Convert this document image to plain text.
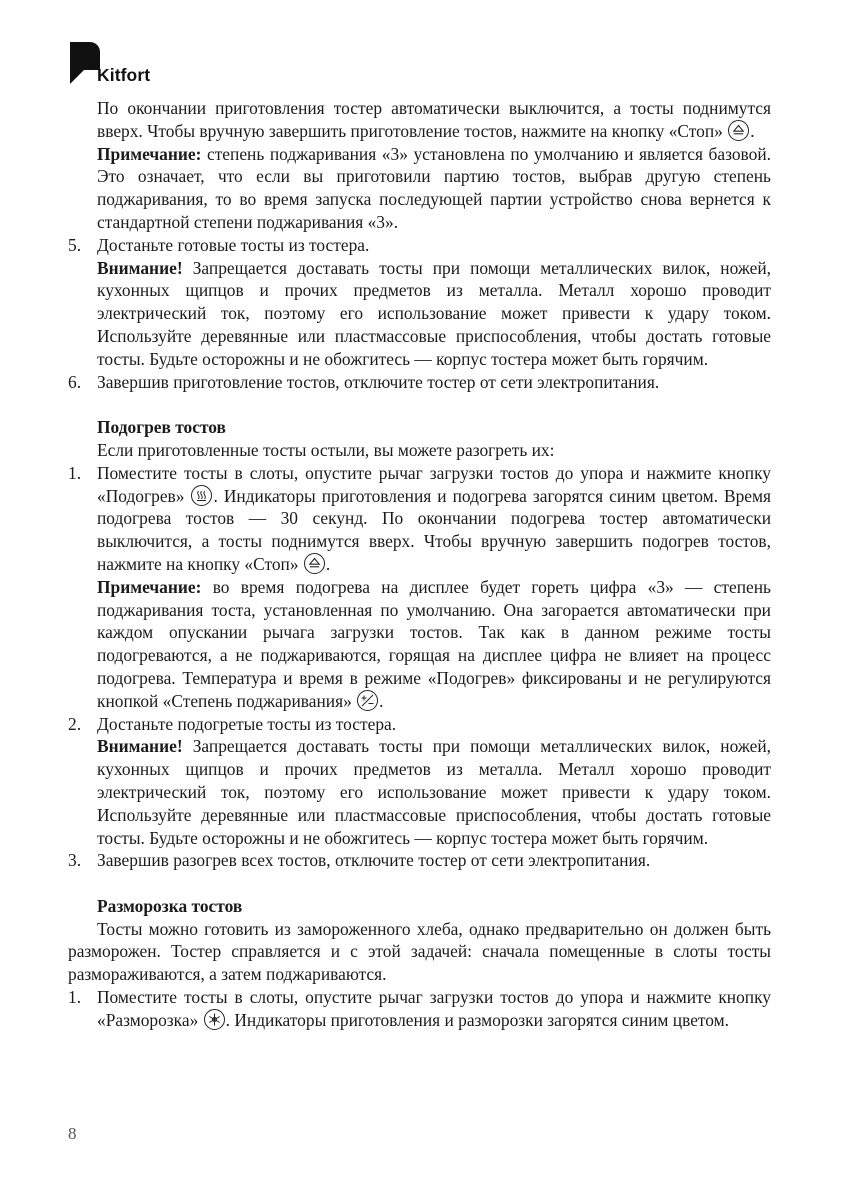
Kitfort

По окончании приготовления тостер автоматически выключится, а тосты поднимутся вверх. Чтобы вручную завершить приготовление тостов, нажмите на кнопку «Стоп» .

Примечание: степень поджаривания «3» установлена по умолчанию и является базовой. Это означает, что если вы приготовили партию тостов, выбрав другую степень поджаривания, то во время запуска последующей партии устройство снова вернется к стандартной степени поджаривания «3».

5. Достаньте готовые тосты из тостера.
Внимание! Запрещается доставать тосты при помощи металлических вилок, ножей, кухонных щипцов и прочих предметов из металла. Металл хорошо проводит электрический ток, поэтому его использование может привести к удару током. Используйте деревянные или пластмассовые приспособления, чтобы достать готовые тосты. Будьте осторожны и не обожгитесь — корпус тостера может быть горячим.
6. Завершив приготовление тостов, отключите тостер от сети электропитания.

Подогрев тостов

Если приготовленные тосты остыли, вы можете разогреть их:

1. Поместите тосты в слоты, опустите рычаг загрузки тостов до упора и нажмите кнопку «Подогрев» . Индикаторы приготовления и подогрева загорятся синим цветом. Время подогрева тостов — 30 секунд. По окончании подогрева тостер автоматически выключится, а тосты поднимутся вверх. Чтобы вручную завершить подогрев тостов, нажмите на кнопку «Стоп» .
Примечание: во время подогрева на дисплее будет гореть цифра «3» — степень поджаривания тоста, установленная по умолчанию. Она загорается автоматически при каждом опускании рычага загрузки тостов. Так как в данном режиме тосты подогреваются, а не поджариваются, горящая на дисплее цифра не влияет на процесс подогрева. Температура и время в режиме «Подогрев» фиксированы и не регулируются кнопкой «Степень поджаривания» .
2. Достаньте подогретые тосты из тостера.
Внимание! Запрещается доставать тосты при помощи металлических вилок, ножей, кухонных щипцов и прочих предметов из металла. Металл хорошо проводит электрический ток, поэтому его использование может привести к удару током. Используйте деревянные или пластмассовые приспособления, чтобы достать готовые тосты. Будьте осторожны и не обожгитесь — корпус тостера может быть горячим.
3. Завершив разогрев всех тостов, отключите тостер от сети электропитания.

Разморозка тостов

Тосты можно готовить из замороженного хлеба, однако предварительно он должен быть разморожен. Тостер справляется и с этой задачей: сначала помещенные в слоты тосты размораживаются, а затем поджариваются.

1. Поместите тосты в слоты, опустите рычаг загрузки тостов до упора и нажмите кнопку «Разморозка» . Индикаторы приготовления и разморозки загорятся синим цветом.
8
